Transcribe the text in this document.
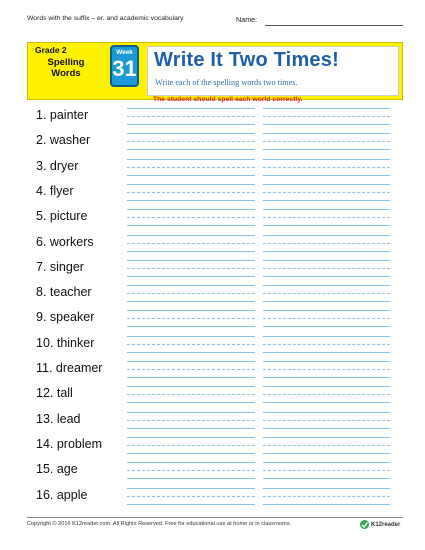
Words with the suffix – er. and academic vocabulary	Name:
Grade 2
Spelling Words
Week
31 Write It Two Times!
Write each of the spelling words two times.
The student should spell each world correctly.
1. painter
2. washer
3. dryer
4. flyer
5. picture
6. workers
7. singer
8. teacher
9. speaker
10. thinker
11. dreamer
12. tall
13. lead
14. problem
15. age
16. apple
Copyright © 2016 K12reader.com. All Rights Reserved. Free for educational use at home or in classrooms.	K12reader
